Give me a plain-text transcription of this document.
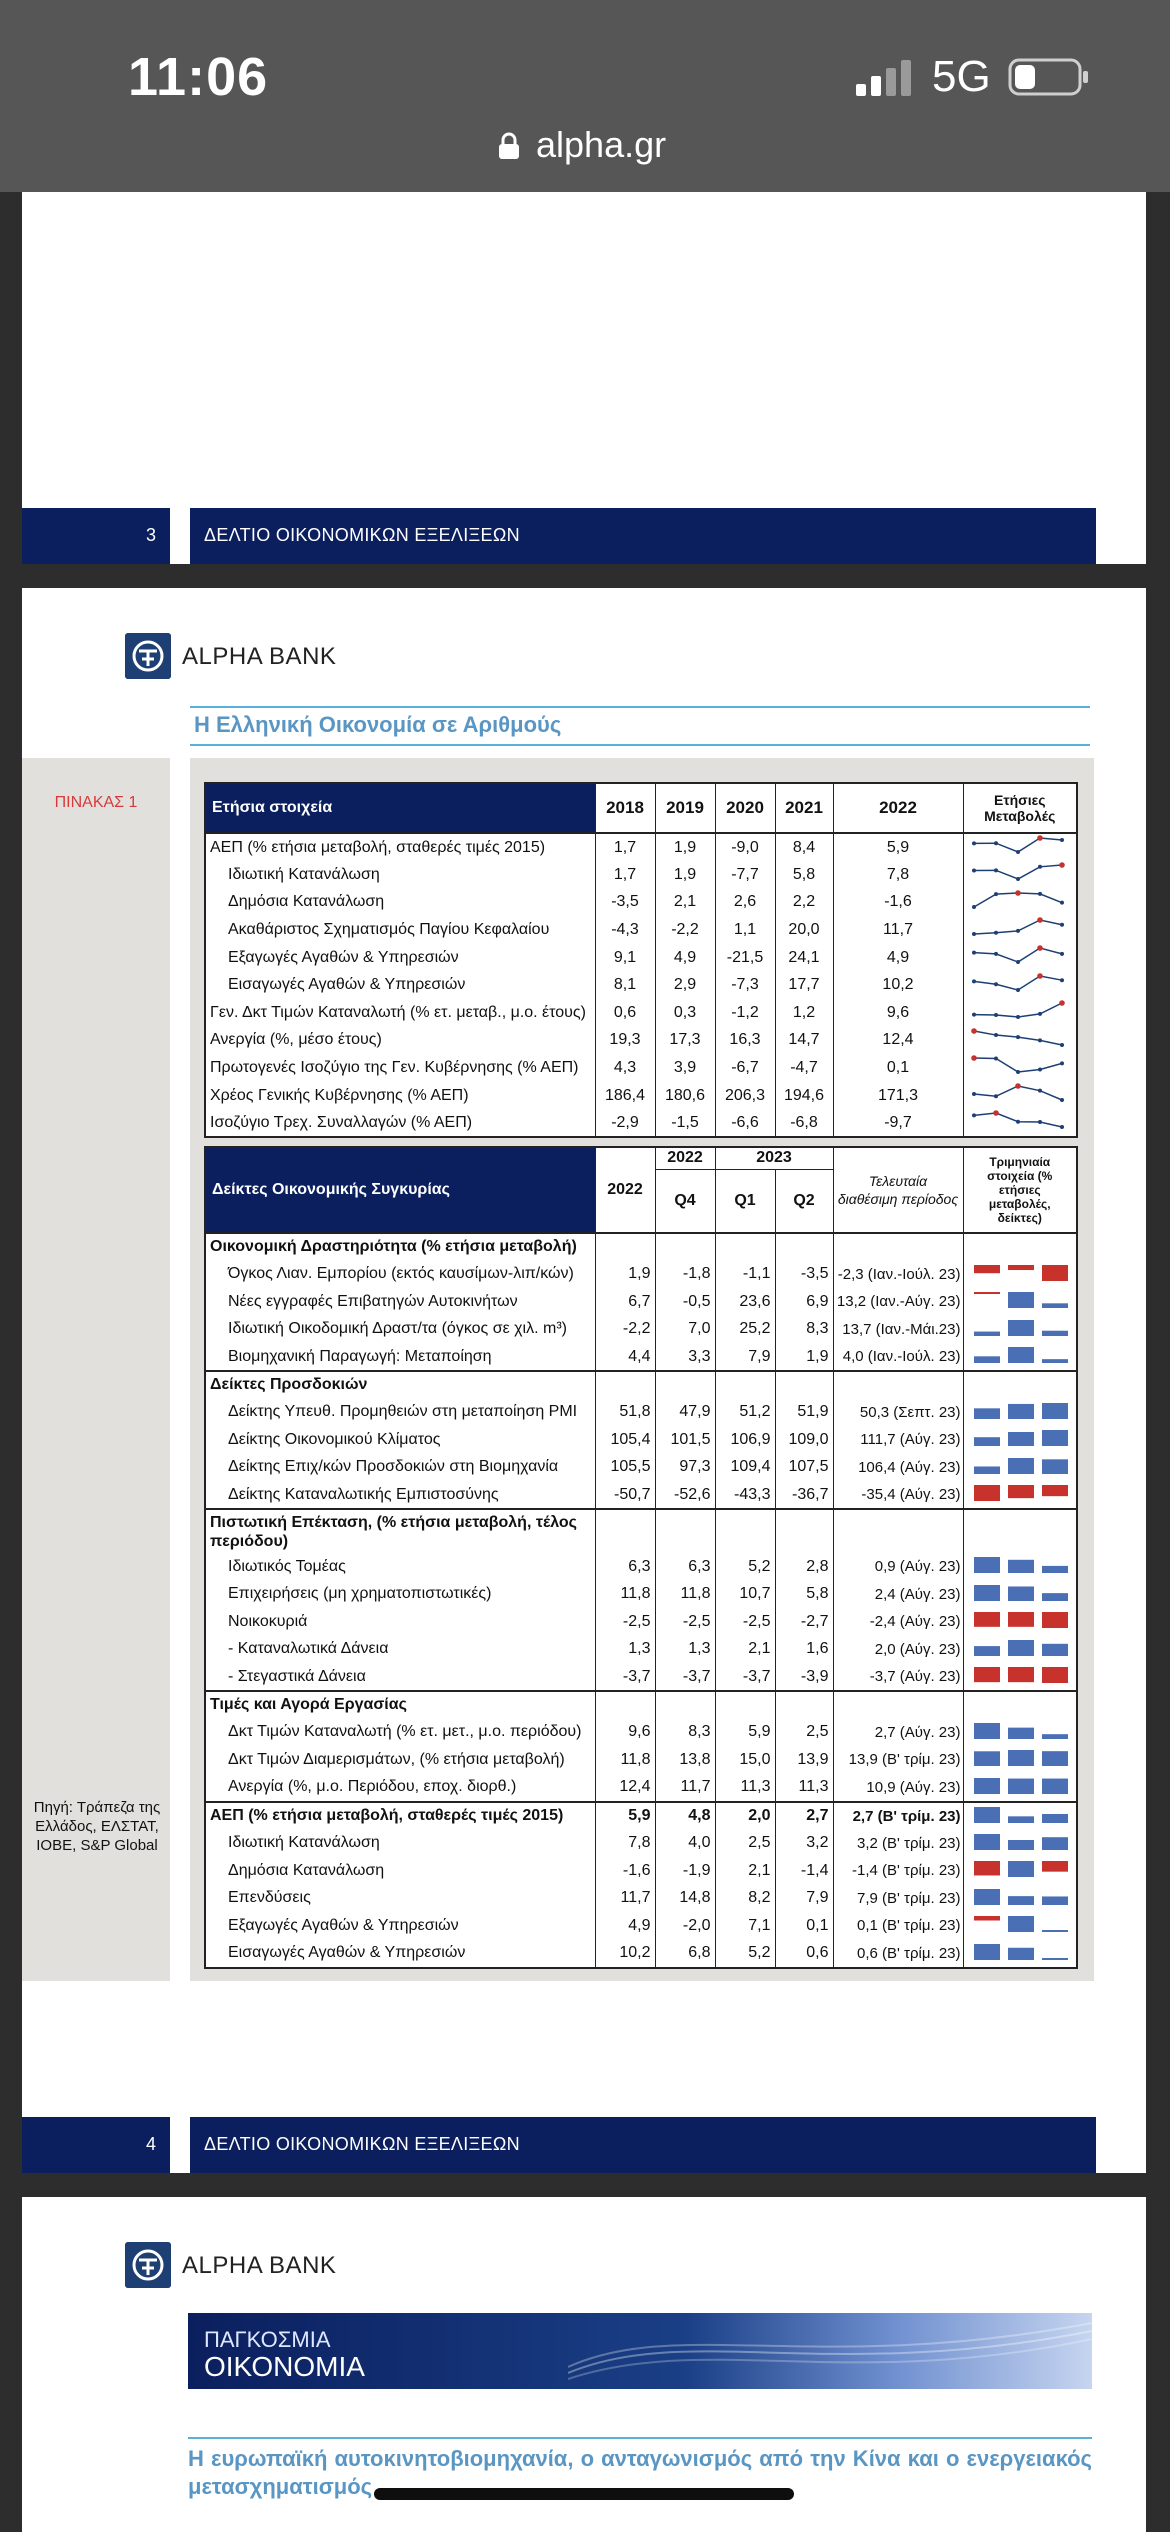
11:06	5G
alpha.gr
3	ΔΕΛΤΙΟ ΟΙΚΟΝΟΜΙΚΩΝ ΕΞΕΛΙΞΕΩΝ
ALPHA BANK
Η Ελληνική Οικονομία σε Αριθμούς
ΠΙΝΑΚΑΣ 1
Πηγή: Τράπεζα της Ελλάδος, ΕΛΣΤΑΤ, ΙΟΒΕ, S&P Global
Ετήσια στοιχεία	2018	2019	2020	2021	2022	Ετήσιες Μεταβολές
ΑΕΠ (% ετήσια μεταβολή, σταθερές τιμές 2015)	1,7	1,9	-9,0	8,4	5,9	
Ιδιωτική Κατανάλωση	1,7	1,9	-7,7	5,8	7,8	
Δημόσια Κατανάλωση	-3,5	2,1	2,6	2,2	-1,6	
Ακαθάριστος Σχηματισμός Παγίου Κεφαλαίου	-4,3	-2,2	1,1	20,0	11,7	
Εξαγωγές Αγαθών & Υπηρεσιών	9,1	4,9	-21,5	24,1	4,9	
Εισαγωγές Αγαθών & Υπηρεσιών	8,1	2,9	-7,3	17,7	10,2	
Γεν. Δκτ Τιμών Καταναλωτή (% ετ. μεταβ., μ.ο. έτους)	0,6	0,3	-1,2	1,2	9,6	
Ανεργία (%, μέσο έτους)	19,3	17,3	16,3	14,7	12,4	
Πρωτογενές Ισοζύγιο της Γεν. Κυβέρνησης (% ΑΕΠ)	4,3	3,9	-6,7	-4,7	0,1	
Χρέος Γενικής Κυβέρνησης (% ΑΕΠ)	186,4	180,6	206,3	194,6	171,3	
Ισοζύγιο Τρεχ. Συναλλαγών (% ΑΕΠ)	-2,9	-1,5	-6,6	-6,8	-9,7	
Δείκτες Οικονομικής Συγκυρίας	2022	2022	2023		Τελευταία διαθέσιμη περίοδος	Τριμηνιαία στοιχεία (% ετήσιες μεταβολές, δείκτες)
		Q4	Q1	Q2		
Οικονομική Δραστηριότητα (% ετήσια μεταβολή)						
Όγκος Λιαν. Εμπορίου (εκτός καυσίμων-λιπ/κών)	1,9	-1,8	-1,1	-3,5	-2,3 (Ιαν.-Ιούλ. 23)	
Νέες εγγραφές Επιβατηγών Αυτοκινήτων	6,7	-0,5	23,6	6,9	13,2 (Ιαν.-Αύγ. 23)	
Ιδιωτική Οικοδομική Δραστ/τα (όγκος σε χιλ. m³)	-2,2	7,0	25,2	8,3	13,7 (Ιαν.-Μάι.23)	
Βιομηχανική Παραγωγή: Μεταποίηση	4,4	3,3	7,9	1,9	4,0 (Ιαν.-Ιούλ. 23)	
Δείκτες Προσδοκιών						
Δείκτης Υπευθ. Προμηθειών στη μεταποίηση PMI	51,8	47,9	51,2	51,9	50,3 (Σεπτ. 23)	
Δείκτης Οικονομικού Κλίματος	105,4	101,5	106,9	109,0	111,7 (Αύγ. 23)	
Δείκτης Επιχ/κών Προσδοκιών στη Βιομηχανία	105,5	97,3	109,4	107,5	106,4 (Αύγ. 23)	
Δείκτης Καταναλωτικής Εμπιστοσύνης	-50,7	-52,6	-43,3	-36,7	-35,4 (Αύγ. 23)	
Πιστωτική Επέκταση, (% ετήσια μεταβολή, τέλος περιόδου)						
Ιδιωτικός Τομέας	6,3	6,3	5,2	2,8	0,9 (Αύγ. 23)	
Επιχειρήσεις (μη χρηματοπιστωτικές)	11,8	11,8	10,7	5,8	2,4 (Αύγ. 23)	
Νοικοκυριά	-2,5	-2,5	-2,5	-2,7	-2,4 (Αύγ. 23)	
- Καταναλωτικά Δάνεια	1,3	1,3	2,1	1,6	2,0 (Αύγ. 23)	
- Στεγαστικά Δάνεια	-3,7	-3,7	-3,7	-3,9	-3,7 (Αύγ. 23)	
Τιμές και Αγορά Εργασίας						
Δκτ Τιμών Καταναλωτή (% ετ. μετ., μ.ο. περιόδου)	9,6	8,3	5,9	2,5	2,7 (Αύγ. 23)	
Δκτ Τιμών Διαμερισμάτων, (% ετήσια μεταβολή)	11,8	13,8	15,0	13,9	13,9 (Β' τρίμ. 23)	
Ανεργία (%, μ.ο. Περιόδου, εποχ. διορθ.)	12,4	11,7	11,3	11,3	10,9 (Αύγ. 23)	
ΑΕΠ (% ετήσια μεταβολή, σταθερές τιμές 2015)	5,9	4,8	2,0	2,7	2,7 (Β' τρίμ. 23)	
Ιδιωτική Κατανάλωση	7,8	4,0	2,5	3,2	3,2 (Β' τρίμ. 23)	
Δημόσια Κατανάλωση	-1,6	-1,9	2,1	-1,4	-1,4 (Β' τρίμ. 23)	
Επενδύσεις	11,7	14,8	8,2	7,9	7,9 (Β' τρίμ. 23)	
Εξαγωγές Αγαθών & Υπηρεσιών	4,9	-2,0	7,1	0,1	0,1 (Β' τρίμ. 23)	
Εισαγωγές Αγαθών & Υπηρεσιών	10,2	6,8	5,2	0,6	0,6 (Β' τρίμ. 23)	
4	ΔΕΛΤΙΟ ΟΙΚΟΝΟΜΙΚΩΝ ΕΞΕΛΙΞΕΩΝ
ALPHA BANK
ΠΑΓΚΟΣΜΙΑ
ΟΙΚΟΝΟΜΙΑ
Η ευρωπαϊκή αυτοκινητοβιομηχανία, ο ανταγωνισμός από την Κίνα και ο ενεργειακός μετασχηματισμός
